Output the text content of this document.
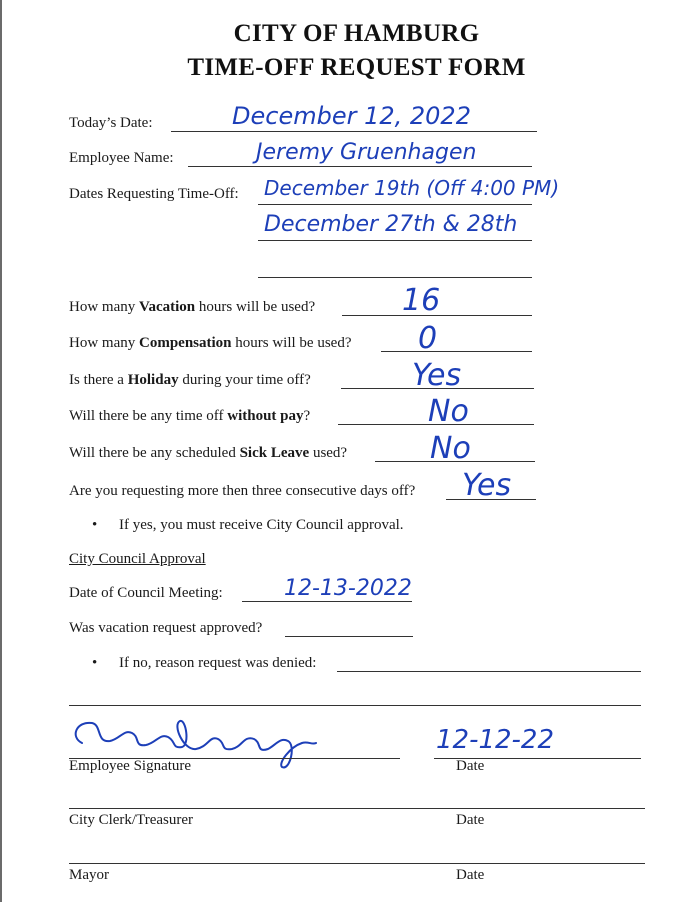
CITY OF HAMBURG
TIME-OFF REQUEST FORM
Today’s Date:	December 12, 2022
Employee Name:	Jeremy Gruenhagen
Dates Requesting Time-Off: December 19th (Off 4:00 PM)
December 27th & 28th
How many Vacation hours will be used?	16
How many Compensation hours will be used? 0
Is there a Holiday during your time off?	Yes
Will there be any time off without pay?	No
Will there be any scheduled Sick Leave used?	No
Are you requesting more then three consecutive days off? Yes
• If yes, you must receive City Council approval.
City Council Approval
Date of Council Meeting:	12-13-2022
Was vacation request approved?
• If no, reason request was denied:
Employee Signature
12-12-22
Date
City Clerk/Treasurer	Date
Mayor	Date
